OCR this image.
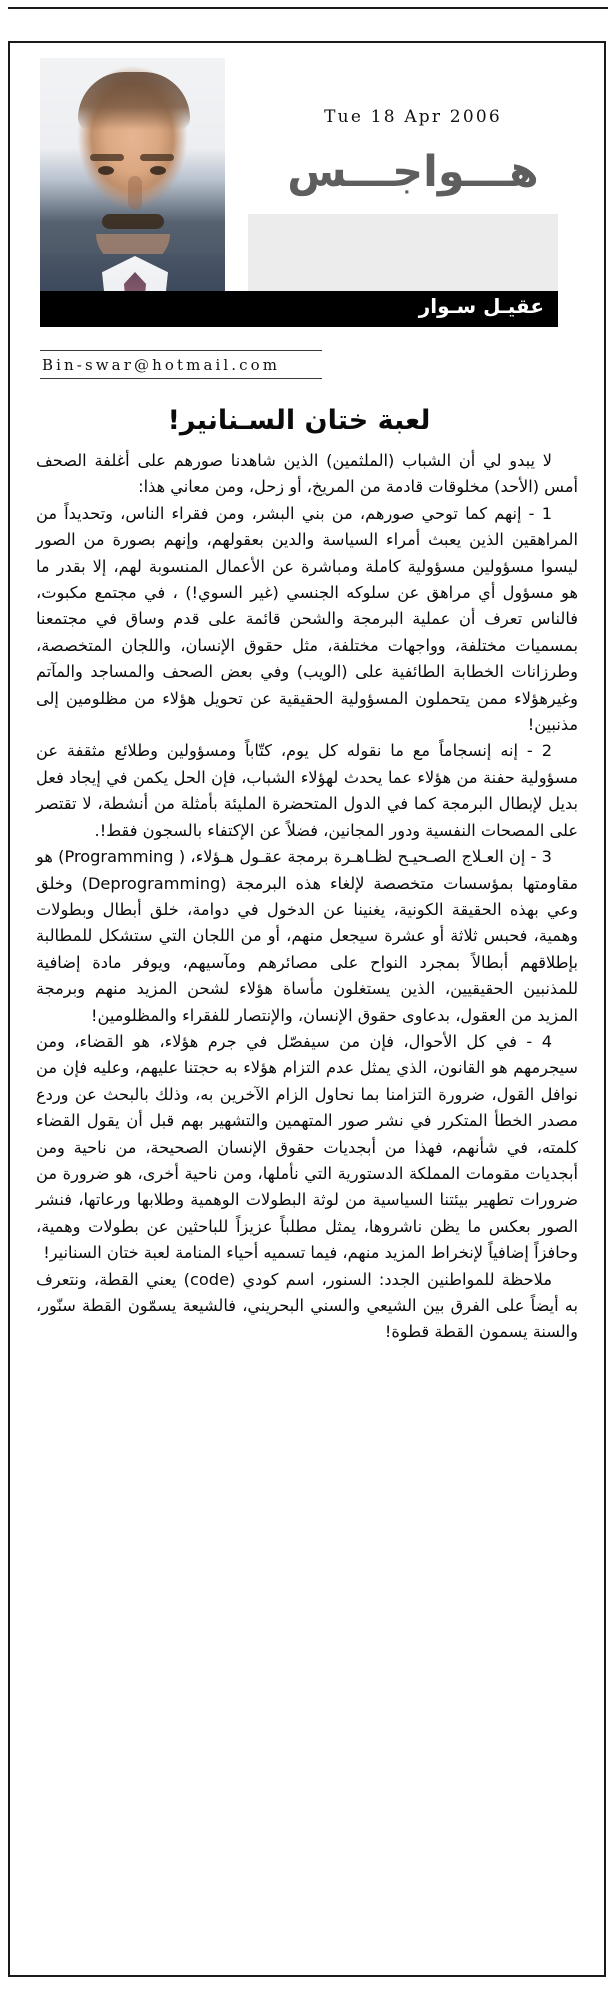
Tue 18 Apr 2006
هـــواجـــس
عقيـل سـوار
Bin-swar@hotmail.com
لعبة ختان السـنانير!

لا يبدو لي أن الشباب (الملثمين) الذين شاهدنا صورهم على أغلفة الصحف أمس (الأحد) مخلوقات قادمة من المريخ، أو زحل، ومن معاني هذا:

1 - إنهم كما توحي صورهم، من بني البشر، ومن فقراء الناس، وتحديداً من المراهقين الذين يعبث أمراء السياسة والدين بعقولهم، وإنهم بصورة من الصور ليسوا مسؤولين مسؤولية كاملة ومباشرة عن الأعمال المنسوبة لهم، إلا بقدر ما هو مسؤول أي مراهق عن سلوكه الجنسي (غير السوي!) ، في مجتمع مكبوت، فالناس تعرف أن عملية البرمجة والشحن قائمة على قدم وساق في مجتمعنا بمسميات مختلفة، وواجهات مختلفة، مثل حقوق الإنسان، واللجان المتخصصة، وطرزانات الخطابة الطائفية على (الويب) وفي بعض الصحف والمساجد والمآتم وغيرهؤلاء ممن يتحملون المسؤولية الحقيقية عن تحويل هؤلاء من مظلومين إلى مذنبين!

2 - إنه إنسجاماً مع ما نقوله كل يوم، كتّاباً ومسؤولين وطلائع مثقفة عن مسؤولية حفنة من هؤلاء عما يحدث لهؤلاء الشباب، فإن الحل يكمن في إيجاد فعل بديل لإبطال البرمجة كما في الدول المتحضرة المليئة بأمثلة من أنشطة، لا تقتصر على المصحات النفسية ودور المجانين، فضلاً عن الإكتفاء بالسجون فقط!.

3 - إن العـلاج الصـحيـح لظـاهـرة برمجة عقـول هـؤلاء، ( Programming) هو مقاومتها بمؤسسات متخصصة لإلغاء هذه البرمجة (Deprogramming) وخلق وعي بهذه الحقيقة الكونية، يغنينا عن الدخول في دوامة، خلق أبطال وبطولات وهمية، فحبس ثلاثة أو عشرة سيجعل منهم، أو من اللجان التي ستشكل للمطالبة بإطلاقهم أبطالاً بمجرد النواح على مصائرهم ومآسيهم، ويوفر مادة إضافية للمذنبين الحقيقيين، الذين يستغلون مأساة هؤلاء لشحن المزيد منهم وبرمجة المزيد من العقول، بدعاوى حقوق الإنسان، والإنتصار للفقراء والمظلومين!

4 - في كل الأحوال، فإن من سيفصّل في جرم هؤلاء، هو القضاء، ومن سيجرمهم هو القانون، الذي يمثل عدم التزام هؤلاء به حجتنا عليهم، وعليه فإن من نوافل القول، ضرورة التزامنا بما نحاول الزام الآخرين به، وذلك بالبحث عن وردع مصدر الخطأ المتكرر في نشر صور المتهمين والتشهير بهم قبل أن يقول القضاء كلمته، في شأنهم، فهذا من أبجديات حقوق الإنسان الصحيحة، من ناحية ومن أبجديات مقومات المملكة الدستورية التي نأملها، ومن ناحية أخرى، هو ضرورة من ضرورات تطهير بيئتنا السياسية من لوثة البطولات الوهمية وطلابها ورعاتها، فنشر الصور بعكس ما يظن ناشروها، يمثل مطلباً عزيزاً للباحثين عن بطولات وهمية، وحافزاً إضافياً لإنخراط المزيد منهم، فيما تسميه أحياء المنامة لعبة ختان السنانير!

ملاحظة للمواطنين الجدد: السنور، اسم كودي (code) يعني القطة، ونتعرف به أيضاً على الفرق بين الشيعي والسني البحريني، فالشيعة يسمّون القطة سنّور، والسنة يسمون القطة قطوة!
